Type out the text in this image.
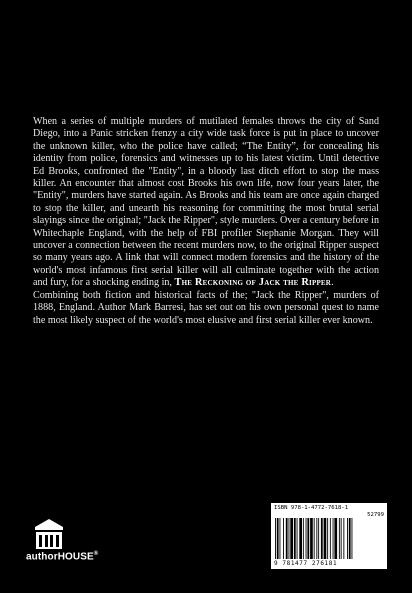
When a series of multiple murders of mutilated females throws the city of Sand Diego, into a Panic stricken frenzy a city wide task force is put in place to uncover the unknown killer, who the police have called; “The Entity”, for concealing his identity from police, forensics and witnesses up to his latest victim. Until detective Ed Brooks, confronted the "Entity", in a bloody last ditch effort to stop the mass killer. An encounter that almost cost Brooks his own life, now four years later, the "Entity", murders have started again. As Brooks and his team are once again charged to stop the killer, and unearth his reasoning for committing the most brutal serial slayings since the original; "Jack the Ripper", style murders. Over a century before in Whitechaple England, with the help of FBI profiler Stephanie Morgan. They will uncover a connection between the recent murders now, to the original Ripper suspect so many years ago. A link that will connect modern forensics and the history of the world's most infamous first serial killer will all culminate together with the action and fury, for a shocking ending in, The Reckoning of Jack the Ripper.

Combining both fiction and historical facts of the; "Jack the Ripper", murders of 1888, England. Author Mark Barresi, has set out on his own personal quest to name the most likely suspect of the world's most elusive and first serial killer ever known.

authorHOUSE®
ISBN 978-1-4772-7618-1
52799
9 781477 276181
